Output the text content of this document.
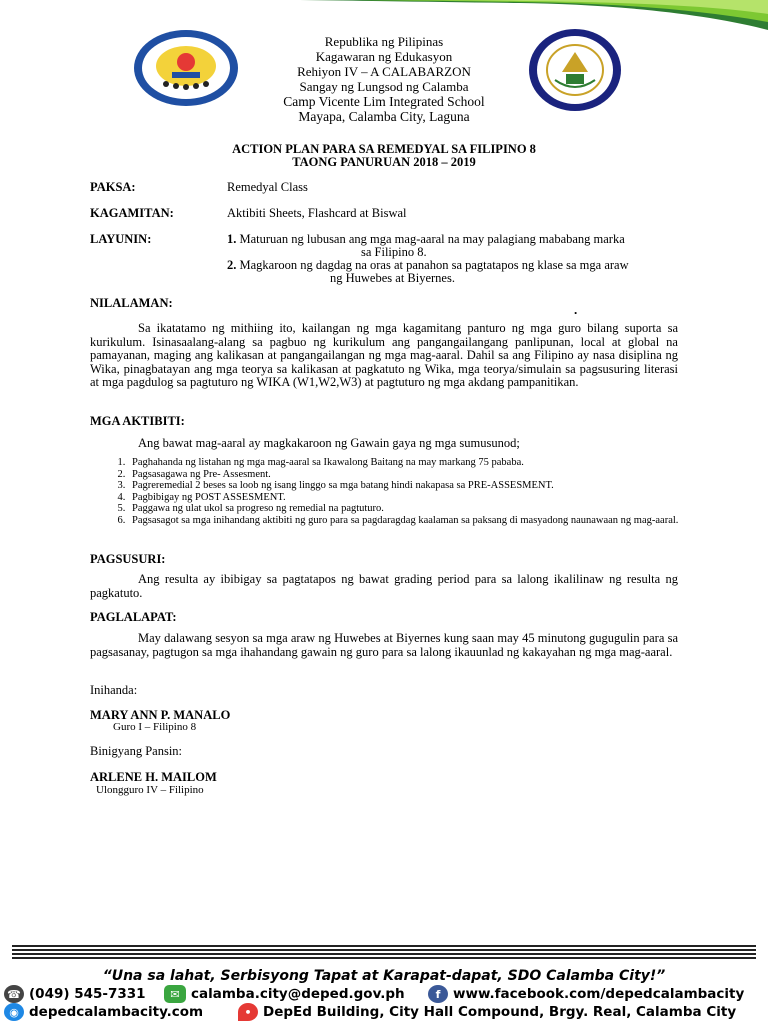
Republika ng Pilipinas
Kagawaran ng Edukasyon
Rehiyon IV – A CALABARZON
Sangay ng Lungsod ng Calamba
Camp Vicente Lim Integrated School
Mayapa, Calamba City, Laguna
ACTION PLAN PARA SA REMEDYAL SA FILIPINO 8
TAONG PANURUAN 2018 – 2019
PAKSA:	Remedyal Class
KAGAMITAN:	Aktibiti Sheets, Flashcard at Biswal
LAYUNIN:	1. Maturuan ng lubusan ang mga mag-aaral na may palagiang mababang marka
sa Filipino 8.
2. Magkaroon ng dagdag na oras at panahon sa pagtatapos ng klase sa mga araw
ng Huwebes at Biyernes.
NILALAMAN:	.
Sa ikatatamo ng mithiing ito, kailangan ng mga kagamitang panturo ng mga guro bilang suporta sa kurikulum. Isinasaalang-alang sa pagbuo ng kurikulum ang pangangailangang panlipunan, local at global na pamayanan, maging ang kalikasan at pangangailangan ng mga mag-aaral. Dahil sa ang Filipino ay nasa disiplina ng Wika, pinagbatayan ang mga teorya sa kalikasan at pagkatuto ng Wika, mga teorya/simulain sa pagsusuring literasi at mga pagdulog sa pagtuturo ng WIKA (W1,W2,W3) at pagtuturo ng mga akdang pampanitikan.
MGA AKTIBITI:
Ang bawat mag-aaral ay magkakaroon ng Gawain gaya ng mga sumusunod;
1. Paghahanda ng listahan ng mga mag-aaral sa Ikawalong Baitang na may markang 75 pababa.
2. Pagsasagawa ng Pre- Assesment.
3. Pagreremedial 2 beses sa loob ng isang linggo sa mga batang hindi nakapasa sa PRE-ASSESMENT.
4. Pagbibigay ng POST ASSESMENT.
5. Paggawa ng ulat ukol sa progreso ng remedial na pagtuturo.
6. Pagsasagot sa mga inihandang aktibiti ng guro para sa pagdaragdag kaalaman sa paksang di masyadong naunawaan ng mag-aaral.
PAGSUSURI:
Ang resulta ay ibibigay sa pagtatapos ng bawat grading period para sa lalong ikalilinaw ng resulta ng pagkatuto.
PAGLALAPAT:
May dalawang sesyon sa mga araw ng Huwebes at Biyernes kung saan may 45 minutong gugugulin para sa pagsasanay, pagtugon sa mga ihahandang gawain ng guro para sa lalong ikauunlad ng kakayahan ng mga mag-aaral.
Inihanda:
MARY ANN P. MANALO
Guro I – Filipino 8
Binigyang Pansin:
ARLENE H. MAILOM
Ulongguro IV – Filipino
“Una sa lahat, Serbisyong Tapat at Karapat-dapat, SDO Calamba City!”
☎ (049) 545-7331	✉ calamba.city@deped.gov.ph	f www.facebook.com/depedcalambacity
◉ depedcalambacity.com	• DepEd Building, City Hall Compound, Brgy. Real, Calamba City
